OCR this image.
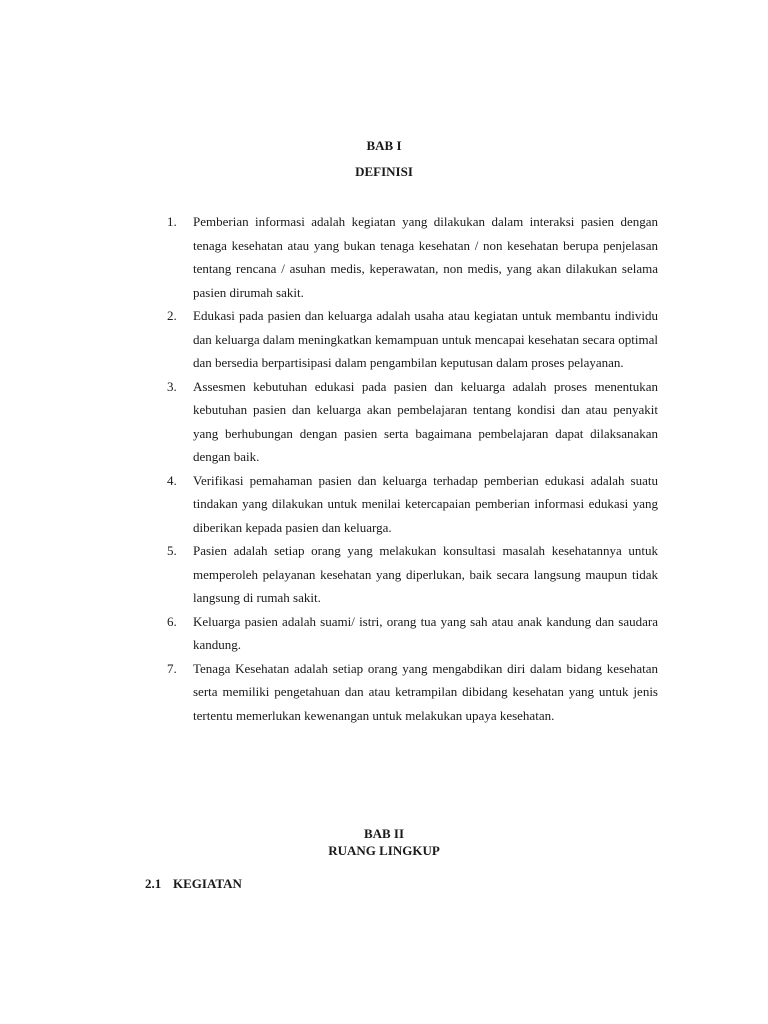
BAB I
DEFINISI
1. Pemberian informasi adalah kegiatan yang dilakukan dalam interaksi pasien dengan tenaga kesehatan atau yang bukan tenaga kesehatan / non kesehatan berupa penjelasan tentang rencana / asuhan medis, keperawatan, non medis, yang akan dilakukan selama pasien dirumah sakit.
2. Edukasi pada pasien dan keluarga adalah usaha atau kegiatan untuk membantu individu dan keluarga dalam meningkatkan kemampuan untuk mencapai kesehatan secara optimal dan bersedia berpartisipasi dalam pengambilan keputusan dalam proses pelayanan.
3. Assesmen kebutuhan edukasi pada pasien dan keluarga adalah proses menentukan kebutuhan pasien dan keluarga akan pembelajaran tentang kondisi dan atau penyakit yang berhubungan dengan pasien serta bagaimana pembelajaran dapat dilaksanakan dengan baik.
4. Verifikasi pemahaman pasien dan keluarga terhadap pemberian edukasi adalah suatu tindakan yang dilakukan untuk menilai ketercapaian pemberian informasi edukasi yang diberikan kepada pasien dan keluarga.
5. Pasien adalah setiap orang yang melakukan konsultasi masalah kesehatannya untuk memperoleh pelayanan kesehatan yang diperlukan, baik secara langsung maupun tidak langsung di rumah sakit.
6. Keluarga pasien adalah suami/ istri, orang tua yang sah atau anak kandung dan saudara kandung.
7. Tenaga Kesehatan adalah setiap orang yang mengabdikan diri dalam bidang kesehatan serta memiliki pengetahuan dan atau ketrampilan dibidang kesehatan yang untuk jenis tertentu memerlukan kewenangan untuk melakukan upaya kesehatan.
BAB II
RUANG LINGKUP
2.1 KEGIATAN
